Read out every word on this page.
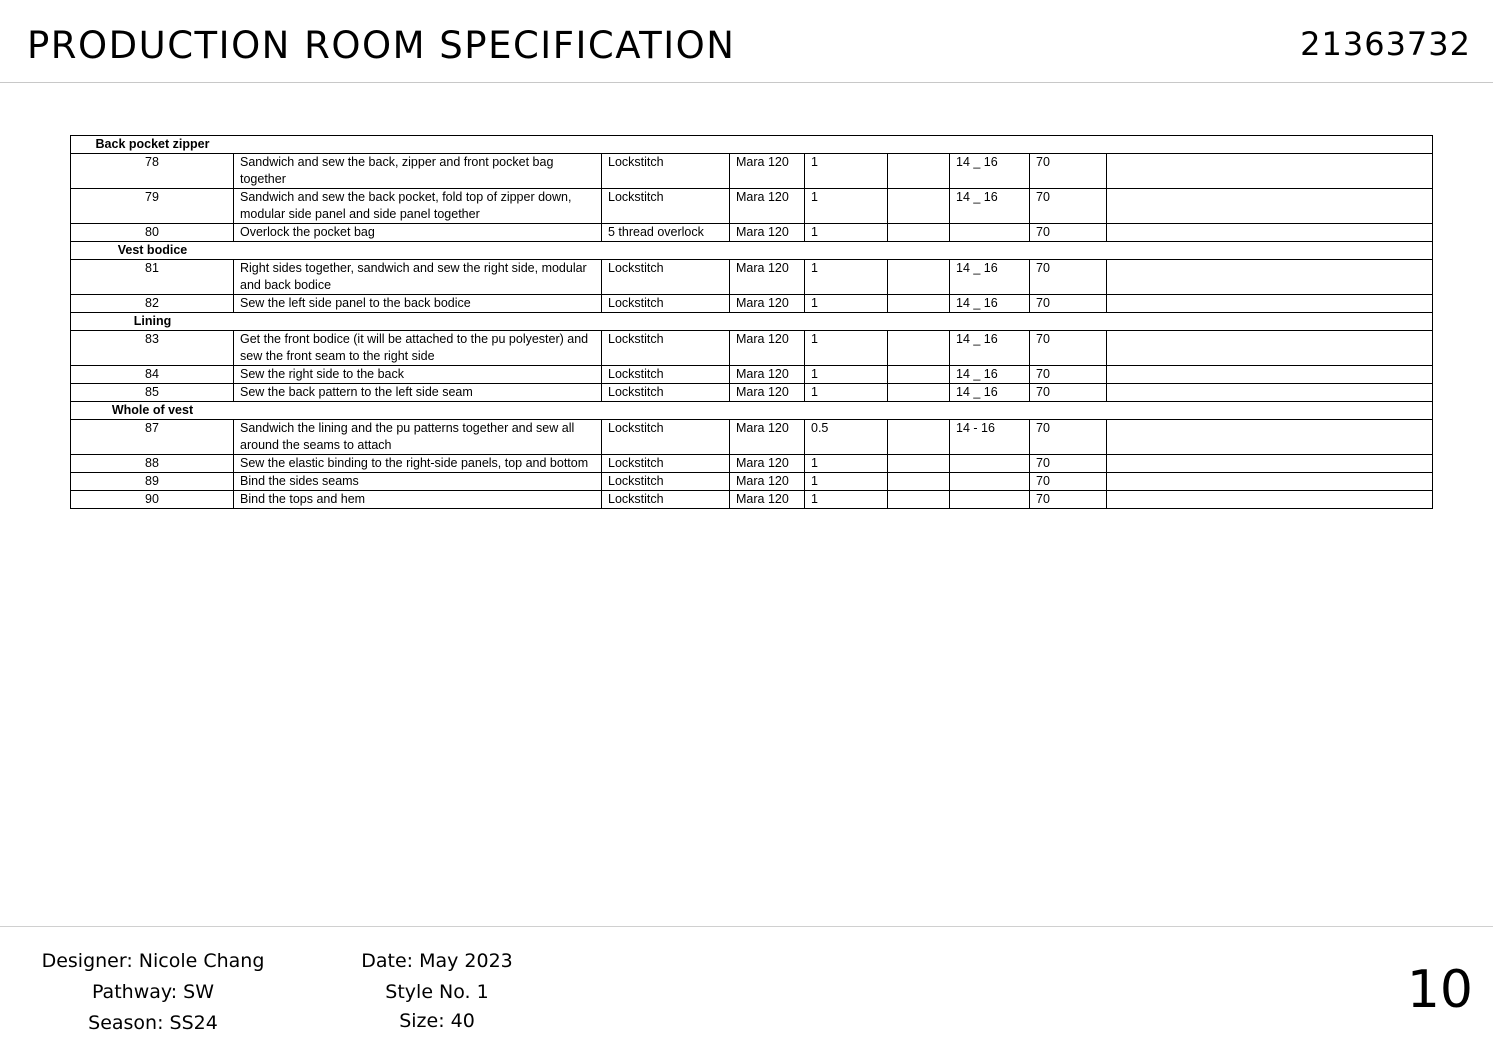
PRODUCTION ROOM SPECIFICATION	21363732
Back pocket zipper								

78	Sandwich and sew the back, zipper and front pocket bag together	Lockstitch	Mara 120	1		14 _ 16	70	
79	Sandwich and sew the back pocket, fold top of zipper down, modular side panel and side panel together	Lockstitch	Mara 120	1		14 _ 16	70	
80	Overlock the pocket bag	5 thread overlock	Mara 120	1			70	

Vest bodice								

81	Right sides together, sandwich and sew the right side, modular and back bodice	Lockstitch	Mara 120	1		14 _ 16	70	
82	Sew the left side panel to the back bodice	Lockstitch	Mara 120	1		14 _ 16	70	

Lining								

83	Get the front bodice (it will be attached to the pu polyester) and sew the front seam to the right side	Lockstitch	Mara 120	1		14 _ 16	70	
84	Sew the right side to the back	Lockstitch	Mara 120	1		14 _ 16	70	
85	Sew the back pattern to the left side seam	Lockstitch	Mara 120	1		14 _ 16	70	

Whole of vest								

87	Sandwich the lining and the pu patterns together and sew all around the seams to attach	Lockstitch	Mara 120	0.5		14 - 16	70	
88	Sew the elastic binding to the right-side panels, top and bottom	Lockstitch	Mara 120	1			70	
89	Bind the sides seams	Lockstitch	Mara 120	1			70	
90	Bind the tops and hem	Lockstitch	Mara 120	1			70	
Designer: Nicole Chang
Pathway: SW
Season: SS24
Date: May 2023
Style No. 1
Size: 40
10
